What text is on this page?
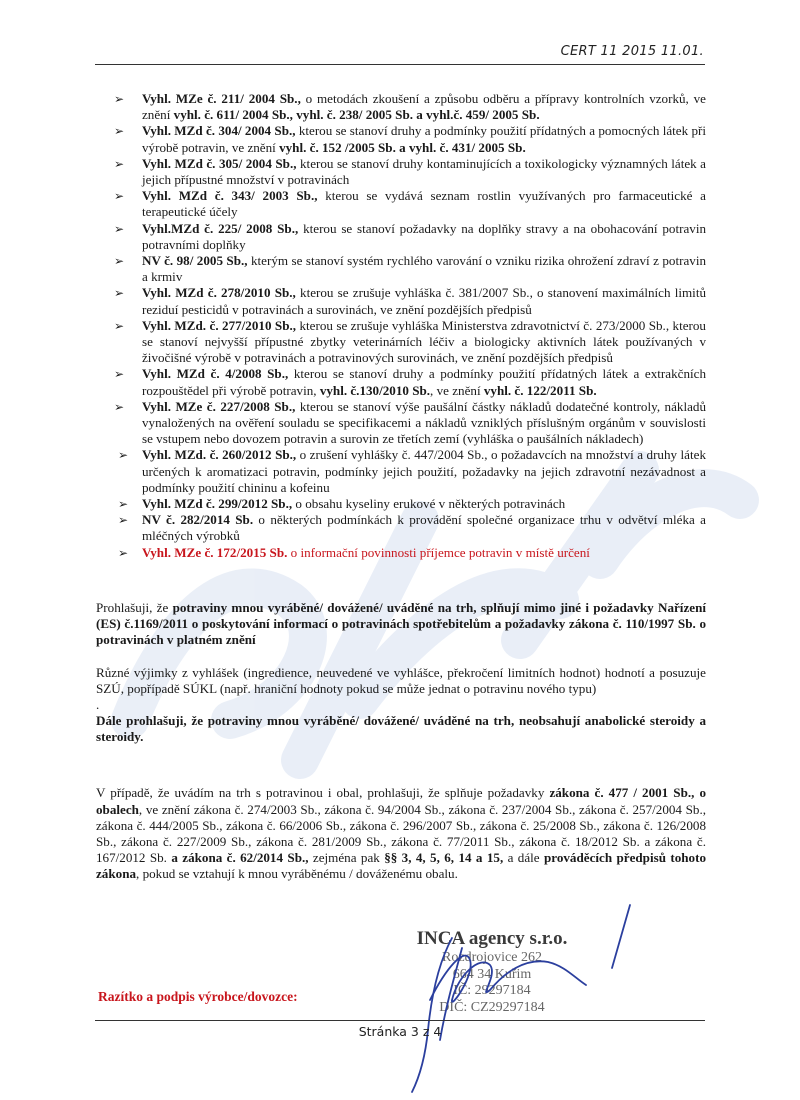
CERT 11 2015 11.01.
➢ Vyhl. MZe č. 211/ 2004 Sb., o metodách zkoušení a způsobu odběru a přípravy kontrolních vzorků, ve znění vyhl. č. 611/ 2004 Sb., vyhl. č. 238/ 2005 Sb. a vyhl.č. 459/ 2005 Sb.
➢ Vyhl. MZd č. 304/ 2004 Sb., kterou se stanoví druhy a podmínky použití přídatných a pomocných látek při výrobě potravin, ve znění vyhl. č. 152 /2005 Sb. a vyhl. č. 431/ 2005 Sb.
➢ Vyhl. MZd č. 305/ 2004 Sb., kterou se stanoví druhy kontaminujících a toxikologicky významných látek a jejich přípustné množství v potravinách
➢ Vyhl. MZd č. 343/ 2003 Sb., kterou se vydává seznam rostlin využívaných pro farmaceutické a terapeutické účely
➢ Vyhl.MZd č. 225/ 2008 Sb., kterou se stanoví požadavky na doplňky stravy a na obohacování potravin potravními doplňky
➢ NV č. 98/ 2005 Sb., kterým se stanoví systém rychlého varování o vzniku rizika ohrožení zdraví z potravin a krmiv
➢ Vyhl. MZd č. 278/2010 Sb., kterou se zrušuje vyhláška č. 381/2007 Sb., o stanovení maximálních limitů reziduí pesticidů v potravinách a surovinách, ve znění pozdějších předpisů
➢ Vyhl. MZd. č. 277/2010 Sb., kterou se zrušuje vyhláška Ministerstva zdravotnictví č. 273/2000 Sb., kterou se stanoví nejvyšší přípustné zbytky veterinárních léčiv a biologicky aktivních látek používaných v živočišné výrobě v potravinách a potravinových surovinách, ve znění pozdějších předpisů
➢ Vyhl. MZd č. 4/2008 Sb., kterou se stanoví druhy a podmínky použití přídatných látek a extrakčních rozpouštědel při výrobě potravin, vyhl. č.130/2010 Sb., ve znění vyhl. č. 122/2011 Sb.
➢ Vyhl. MZe č. 227/2008 Sb., kterou se stanoví výše paušální částky nákladů dodatečné kontroly, nákladů vynaložených na ověření souladu se specifikacemi a nákladů vzniklých příslušným orgánům v souvislosti se vstupem nebo dovozem potravin a surovin ze třetích zemí (vyhláška o paušálních nákladech)
➢ Vyhl. MZd. č. 260/2012 Sb., o zrušení vyhlášky č. 447/2004 Sb., o požadavcích na množství a druhy látek určených k aromatizaci potravin, podmínky jejich použití, požadavky na jejich zdravotní nezávadnost a podmínky použití chininu a kofeinu
➢ Vyhl. MZd č. 299/2012 Sb., o obsahu kyseliny erukové v některých potravinách
➢ NV č. 282/2014 Sb. o některých podmínkách k provádění společné organizace trhu v odvětví mléka a mléčných výrobků
➢ Vyhl. MZe č. 172/2015 Sb. o informační povinnosti příjemce potravin v místě určení

Prohlašuji, že potraviny mnou vyráběné/ dovážené/ uváděné na trh, splňují mimo jiné i požadavky Nařízení (ES) č.1169/2011 o poskytování informací o potravinách spotřebitelům a požadavky zákona č. 110/1997 Sb. o potravinách v platném znění

Různé výjimky z vyhlášek (ingredience, neuvedené ve vyhlášce, překročení limitních hodnot) hodnotí a posuzuje SZÚ, popřípadě SÚKL (např. hraniční hodnoty pokud se může jednat o potravinu nového typu)

.

Dále prohlašuji, že potraviny mnou vyráběné/ dovážené/ uváděné na trh, neobsahují anabolické steroidy a steroidy.

V případě, že uvádím na trh s potravinou i obal, prohlašuji, že splňuje požadavky zákona č. 477 / 2001 Sb., o obalech, ve znění zákona č. 274/2003 Sb., zákona č. 94/2004 Sb., zákona č. 237/2004 Sb., zákona č. 257/2004 Sb., zákona č. 444/2005 Sb., zákona č. 66/2006 Sb., zákona č. 296/2007 Sb., zákona č. 25/2008 Sb., zákona č. 126/2008 Sb., zákona č. 227/2009 Sb., zákona č. 281/2009 Sb., zákona č. 77/2011 Sb., zákona č. 18/2012 Sb. a zákona č. 167/2012 Sb. a zákona č. 62/2014 Sb., zejména pak §§ 3, 4, 5, 6, 14 a 15, a dále prováděcích předpisů tohoto zákona, pokud se vztahují k mnou vyráběnému / dováženému obalu.

INCA agency s.r.o.
Rozdrojovice 262
664 34 Kuřim
IČ: 29297184
DIČ: CZ29297184
Razítko a podpis výrobce/dovozce:
Stránka 3 z 4
